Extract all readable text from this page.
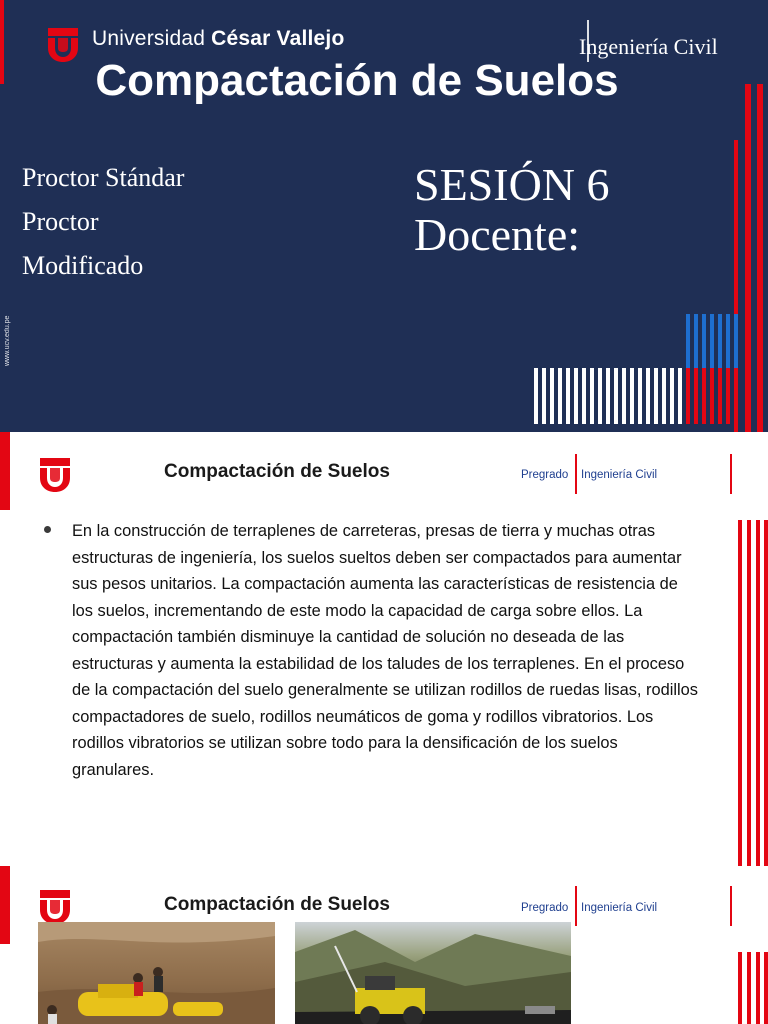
Universidad César Vallejo	Ingeniería Civil
Compactación de Suelos
Proctor Stándar
Proctor
Modificado
SESIÓN 6
Docente:
www.ucv.edu.pe
Compactación de Suelos	Pregrado Ingeniería Civil
En la construcción de terraplenes de carreteras, presas de tierra y muchas otras estructuras de ingeniería, los suelos sueltos deben ser compactados para aumentar sus pesos unitarios. La compactación aumenta las características de resistencia de los suelos, incrementando de este modo la capacidad de carga sobre ellos. La compactación también disminuye la cantidad de solución no deseada de las estructuras y aumenta la estabilidad de los taludes de los terraplenes. En el proceso de la compactación del suelo generalmente se utilizan rodillos de ruedas lisas, rodillos compactadores de suelo, rodillos neumáticos de goma y rodillos vibratorios. Los rodillos vibratorios se utilizan sobre todo para la densificación de los suelos granulares.
Compactación de Suelos	Pregrado Ingeniería Civil
